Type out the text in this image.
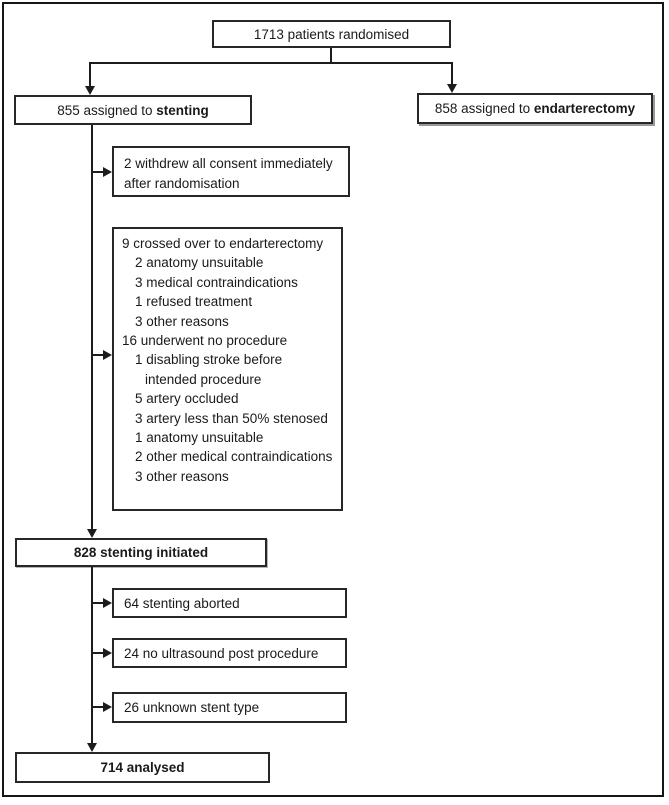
1713 patients randomised
855 assigned to stenting	858 assigned to endarterectomy
2 withdrew all consent immediately
after randomisation
9 crossed over to endarterectomy
2 anatomy unsuitable
3 medical contraindications
1 refused treatment
3 other reasons
16 underwent no procedure
1 disabling stroke before
intended procedure
5 artery occluded
3 artery less than 50% stenosed
1 anatomy unsuitable
2 other medical contraindications
3 other reasons
828 stenting initiated
64 stenting aborted
24 no ultrasound post procedure
26 unknown stent type
714 analysed
